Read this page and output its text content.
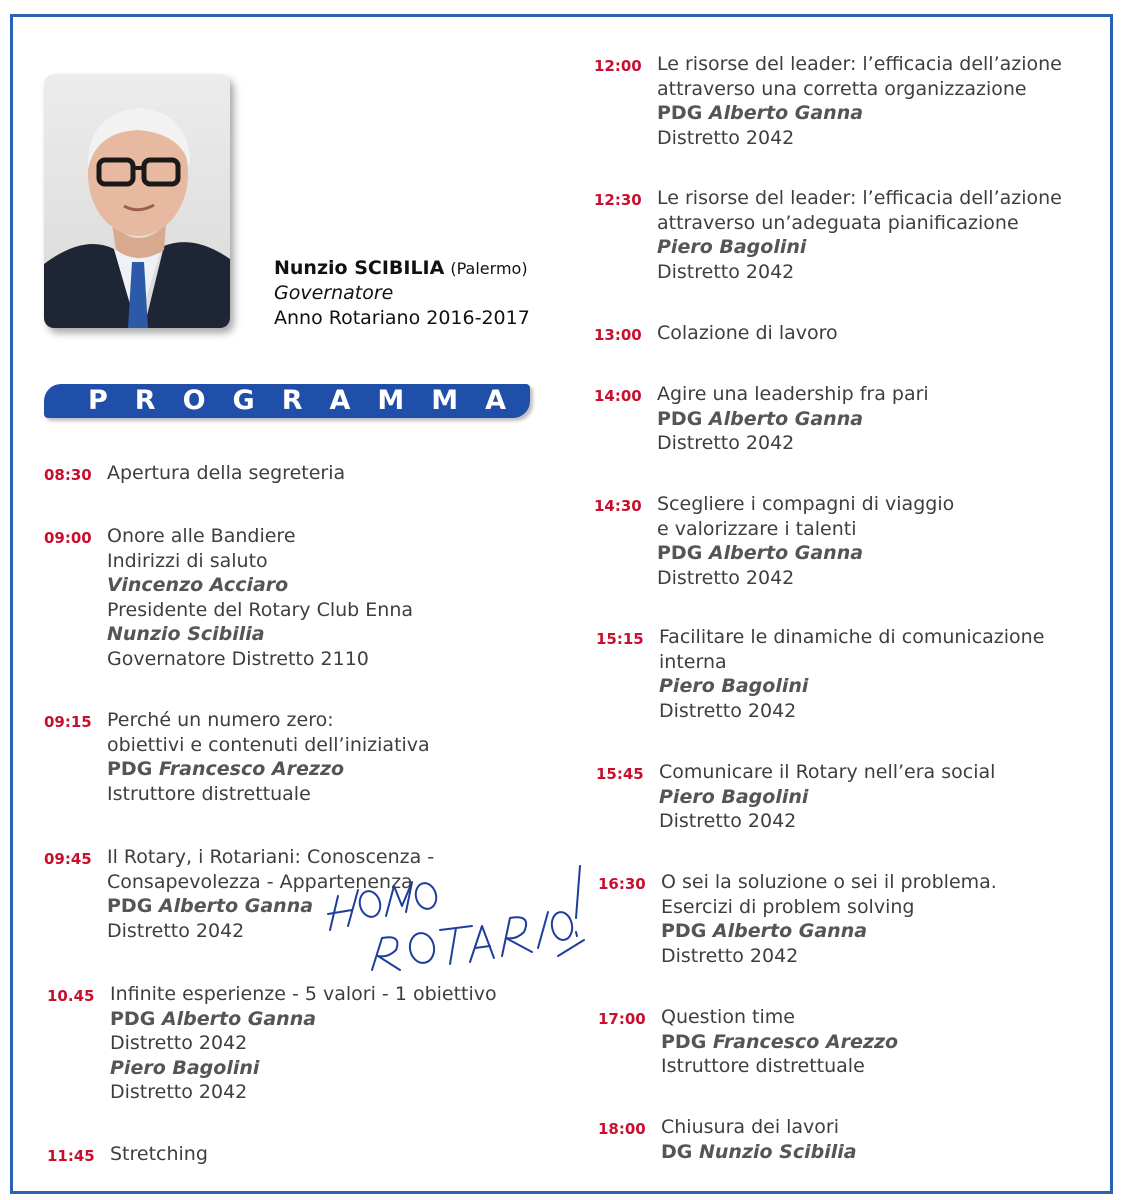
Nunzio SCIBILIA (Palermo)
Governatore
Anno Rotariano 2016-2017
PROGRAMMA
08:30 Apertura della segreteria
09:00 Onore alle Bandiere
Indirizzi di saluto
Vincenzo Acciaro
Presidente del Rotary Club Enna
Nunzio Scibilia
Governatore Distretto 2110
09:15 Perché un numero zero:
obiettivi e contenuti dell’iniziativa
PDG Francesco Arezzo
Istruttore distrettuale
09:45 Il Rotary, i Rotariani: Conoscenza -
Consapevolezza - Appartenenza
PDG Alberto Ganna
Distretto 2042
10.45 Infinite esperienze - 5 valori - 1 obiettivo
PDG Alberto Ganna
Distretto 2042
Piero Bagolini
Distretto 2042
11:45 Stretching
12:00 Le risorse del leader: l’efficacia dell’azione
attraverso una corretta organizzazione
PDG Alberto Ganna
Distretto 2042
12:30 Le risorse del leader: l’efficacia dell’azione
attraverso un’adeguata pianificazione
Piero Bagolini
Distretto 2042
13:00 Colazione di lavoro
14:00 Agire una leadership fra pari
PDG Alberto Ganna
Distretto 2042
14:30 Scegliere i compagni di viaggio
e valorizzare i talenti
PDG Alberto Ganna
Distretto 2042
15:15 Facilitare le dinamiche di comunicazione
interna
Piero Bagolini
Distretto 2042
15:45 Comunicare il Rotary nell’era social
Piero Bagolini
Distretto 2042
16:30 O sei la soluzione o sei il problema.
Esercizi di problem solving
PDG Alberto Ganna
Distretto 2042
17:00 Question time
PDG Francesco Arezzo
Istruttore distrettuale
18:00 Chiusura dei lavori
DG Nunzio Scibilia
